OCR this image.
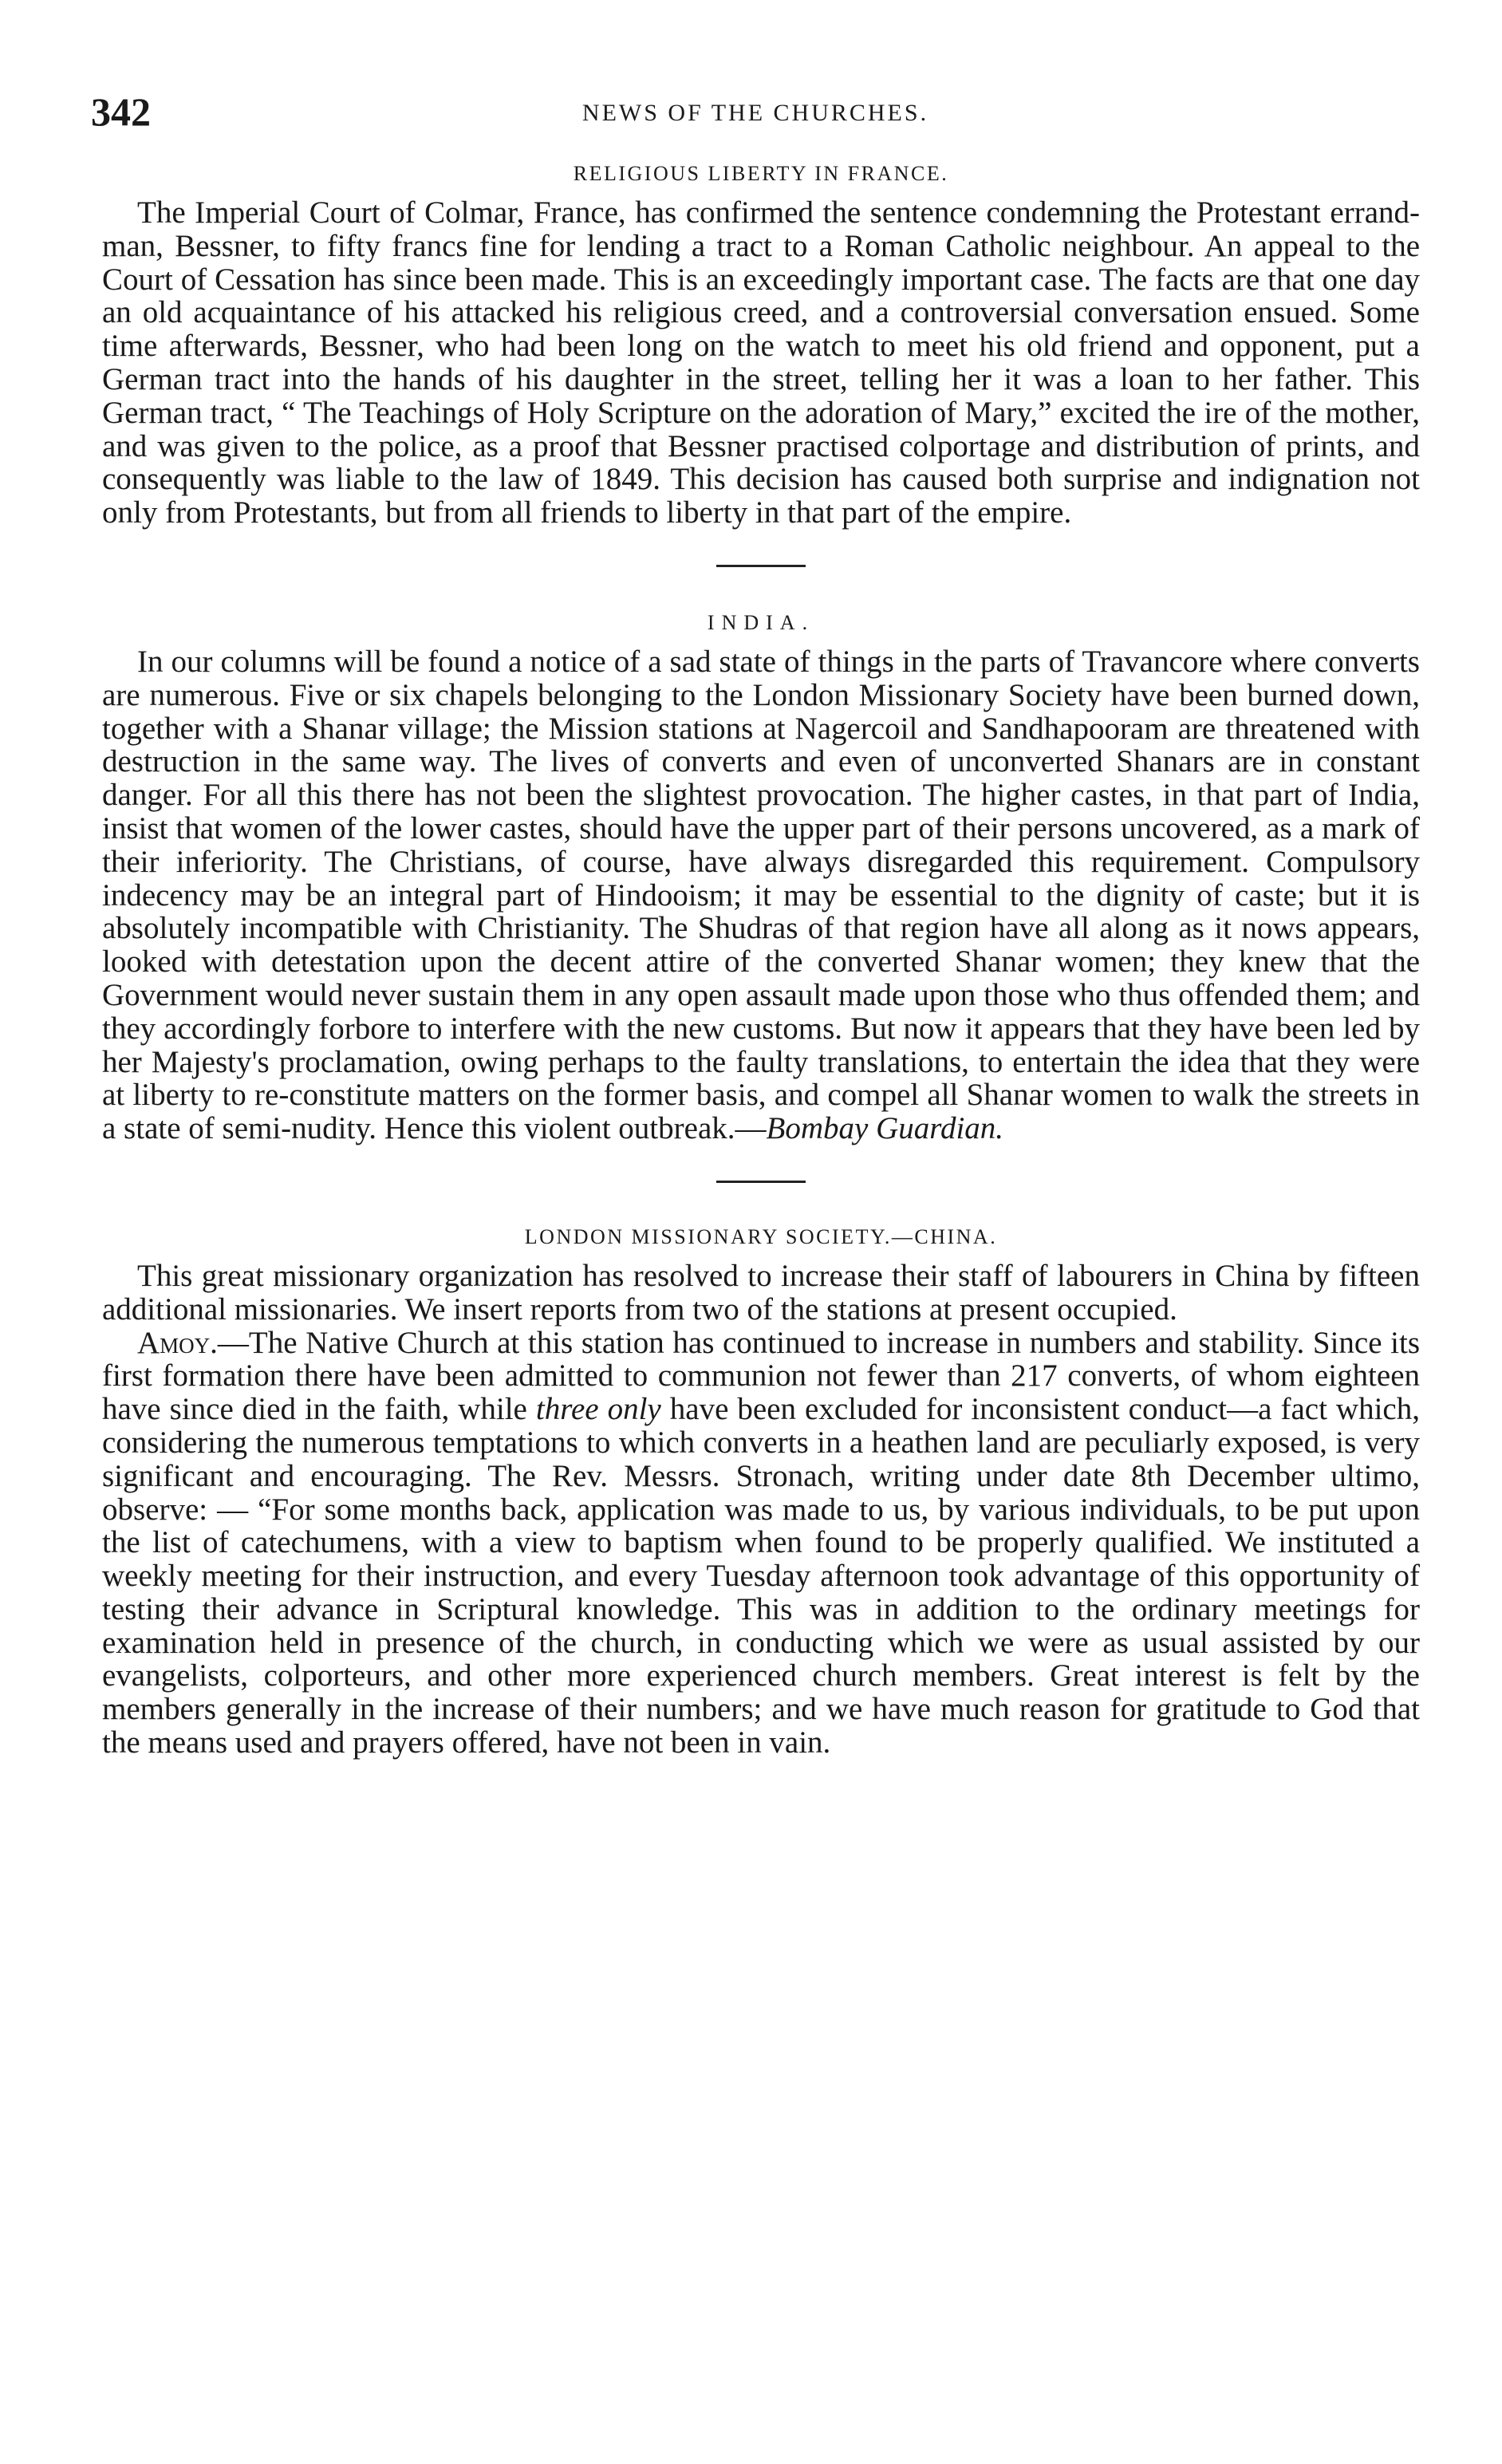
342	NEWS OF THE CHURCHES.
RELIGIOUS LIBERTY IN FRANCE.

The Imperial Court of Colmar, France, has confirmed the sentence condemning the Protestant errand-man, Bessner, to fifty francs fine for lending a tract to a Roman Catholic neighbour. An appeal to the Court of Cessation has since been made. This is an exceedingly important case. The facts are that one day an old acquaintance of his attacked his religious creed, and a controversial conversation ensued. Some time afterwards, Bessner, who had been long on the watch to meet his old friend and opponent, put a German tract into the hands of his daughter in the street, telling her it was a loan to her father. This German tract, “ The Teachings of Holy Scripture on the adoration of Mary,” excited the ire of the mother, and was given to the police, as a proof that Bessner practised colportage and distribution of prints, and consequently was liable to the law of 1849. This decision has caused both surprise and indignation not only from Protestants, but from all friends to liberty in that part of the empire.

INDIA.

In our columns will be found a notice of a sad state of things in the parts of Travancore where converts are numerous. Five or six chapels belonging to the London Missionary Society have been burned down, together with a Shanar village; the Mission stations at Nagercoil and Sandhapooram are threatened with destruction in the same way. The lives of converts and even of unconverted Shanars are in constant danger. For all this there has not been the slightest provocation. The higher castes, in that part of India, insist that women of the lower castes, should have the upper part of their persons uncovered, as a mark of their inferiority. The Christians, of course, have always disregarded this requirement. Compulsory indecency may be an integral part of Hindooism; it may be essential to the dignity of caste; but it is absolutely incompatible with Christianity. The Shudras of that region have all along as it nows appears, looked with detestation upon the decent attire of the converted Shanar women; they knew that the Government would never sustain them in any open assault made upon those who thus offended them; and they accordingly forbore to interfere with the new customs. But now it appears that they have been led by her Majesty's proclamation, owing perhaps to the faulty translations, to entertain the idea that they were at liberty to re-constitute matters on the former basis, and compel all Shanar women to walk the streets in a state of semi-nudity. Hence this violent outbreak.—Bombay Guardian.

LONDON MISSIONARY SOCIETY.—CHINA.

This great missionary organization has resolved to increase their staff of labourers in China by fifteen additional missionaries. We insert reports from two of the stations at present occupied.

Amoy.—The Native Church at this station has continued to increase in numbers and stability. Since its first formation there have been admitted to communion not fewer than 217 converts, of whom eighteen have since died in the faith, while three only have been excluded for inconsistent conduct—a fact which, considering the numerous temptations to which converts in a heathen land are peculiarly exposed, is very significant and encouraging. The Rev. Messrs. Stronach, writing under date 8th December ultimo, observe: — “For some months back, application was made to us, by various individuals, to be put upon the list of catechumens, with a view to baptism when found to be properly qualified. We instituted a weekly meeting for their instruction, and every Tuesday afternoon took advantage of this opportunity of testing their advance in Scriptural knowledge. This was in addition to the ordinary meetings for examination held in presence of the church, in conducting which we were as usual assisted by our evangelists, colporteurs, and other more experienced church members. Great interest is felt by the members generally in the increase of their numbers; and we have much reason for gratitude to God that the means used and prayers offered, have not been in vain.
